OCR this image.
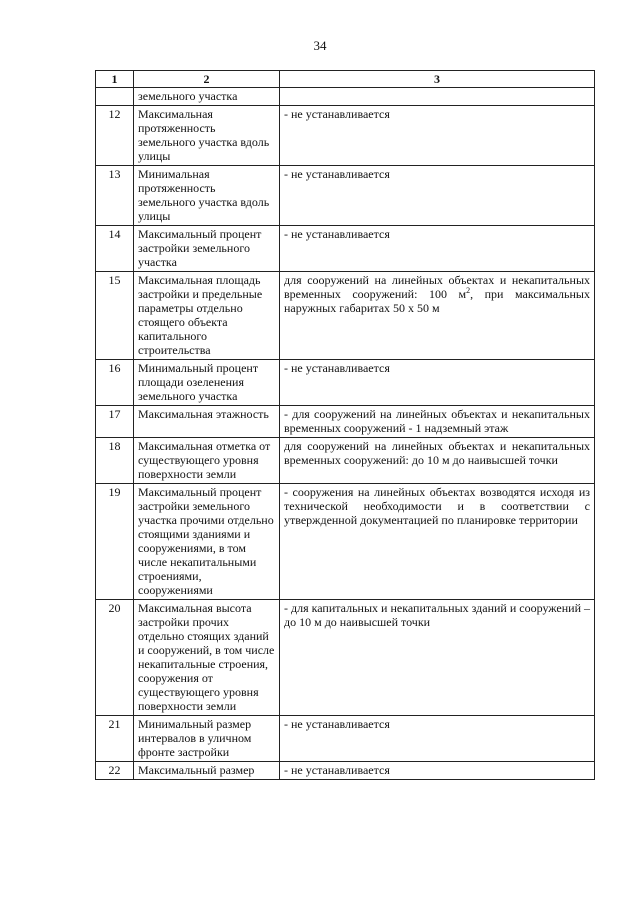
34
1	2	3
	земельного участка	
12	Максимальная протяженность земельного участка вдоль улицы	- не устанавливается
13	Минимальная протяженность земельного участка вдоль улицы	- не устанавливается
14	Максимальный процент застройки земельного участка	- не устанавливается
15	Максимальная площадь застройки и предельные параметры отдельно стоящего объекта капитального строительства	для сооружений на линейных объектах и некапитальных временных сооружений: 100 $м^2$, при максимальных наружных габаритах 50 х 50 м
16	Минимальный процент площади озеленения земельного участка	- не устанавливается
17	Максимальная этажность	- для сооружений на линейных объектах и некапитальных временных сооружений - 1 надземный этаж
18	Максимальная отметка от существующего уровня поверхности земли	для сооружений на линейных объектах и некапитальных временных сооружений: до 10 м до наивысшей точки
19	Максимальный процент застройки земельного участка прочими отдельно стоящими зданиями и сооружениями, в том числе некапитальными строениями, сооружениями	- сооружения на линейных объектах возводятся исходя из технической необходимости и в соответствии с утвержденной документацией по планировке территории
20	Максимальная высота застройки прочих отдельно стоящих зданий и сооружений, в том числе некапитальные строения, сооружения от существующего уровня поверхности земли	- для капитальных и некапитальных зданий и сооружений – до 10 м до наивысшей точки
21	Минимальный размер интервалов в уличном фронте застройки	- не устанавливается
22	Максимальный размер	- не устанавливается
